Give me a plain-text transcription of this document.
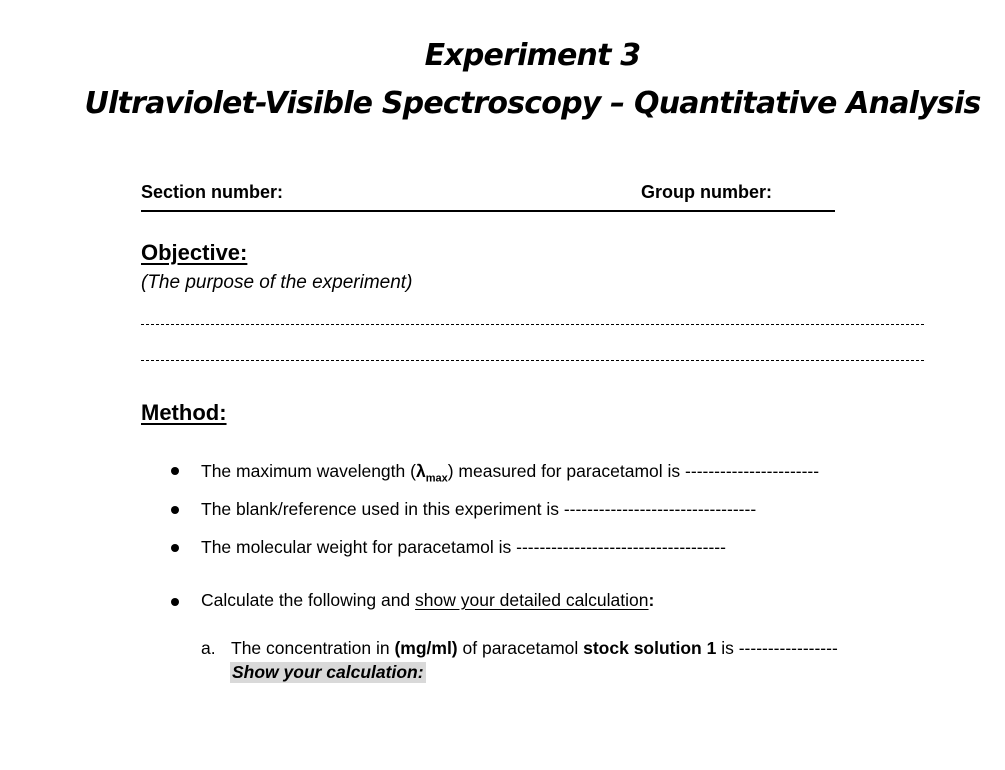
Experiment 3
Ultraviolet-Visible Spectroscopy – Quantitative Analysis
Section number:	Group number:
Objective:
(The purpose of the experiment)
Method:
The maximum wavelength $(\lambda_{max})$ measured for paracetamol is -----------------------
The blank/reference used in this experiment is ---------------------------------
The molecular weight for paracetamol is ------------------------------------
Calculate the following and show your detailed calculation:
a. The concentration in (mg/ml) of paracetamol stock solution 1 is -----------------
Show your calculation:
